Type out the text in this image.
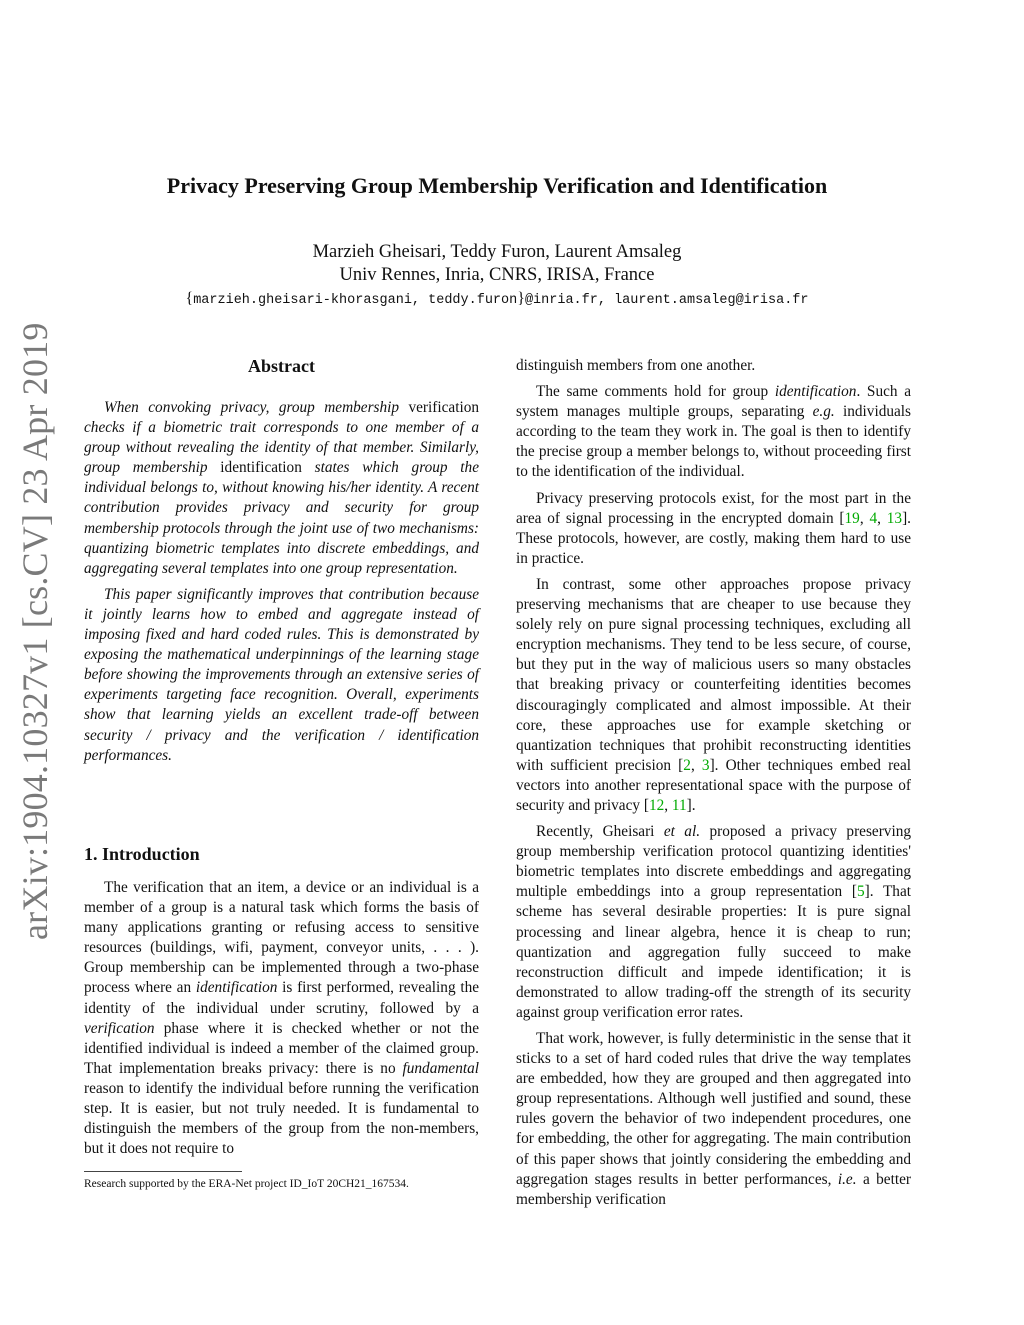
arXiv:1904.10327v1 [cs.CV] 23 Apr 2019
Privacy Preserving Group Membership Verification and Identification
Marzieh Gheisari, Teddy Furon, Laurent Amsaleg
Univ Rennes, Inria, CNRS, IRISA, France
{marzieh.gheisari-khorasgani, teddy.furon}@inria.fr, laurent.amsaleg@irisa.fr
Abstract

When convoking privacy, group membership verification checks if a biometric trait corresponds to one member of a group without revealing the identity of that member. Similarly, group membership identification states which group the individual belongs to, without knowing his/her identity. A recent contribution provides privacy and security for group membership protocols through the joint use of two mechanisms: quantizing biometric templates into discrete embeddings, and aggregating several templates into one group representation.

This paper significantly improves that contribution because it jointly learns how to embed and aggregate instead of imposing fixed and hard coded rules. This is demonstrated by exposing the mathematical underpinnings of the learning stage before showing the improvements through an extensive series of experiments targeting face recognition. Overall, experiments show that learning yields an excellent trade-off between security / privacy and the verification / identification performances.

1. Introduction

The verification that an item, a device or an individual is a member of a group is a natural task which forms the basis of many applications granting or refusing access to sensitive resources (buildings, wifi, payment, conveyor units, . . . ). Group membership can be implemented through a two-phase process where an identification is first performed, revealing the identity of the individual under scrutiny, followed by a verification phase where it is checked whether or not the identified individual is indeed a member of the claimed group. That implementation breaks privacy: there is no fundamental reason to identify the individual before running the verification step. It is easier, but not truly needed. It is fundamental to distinguish the members of the group from the non-members, but it does not require to

Research supported by the ERA-Net project ID_IoT 20CH21_167534.

distinguish members from one another.

The same comments hold for group identification. Such a system manages multiple groups, separating e.g. individuals according to the team they work in. The goal is then to identify the precise group a member belongs to, without proceeding first to the identification of the individual.

Privacy preserving protocols exist, for the most part in the area of signal processing in the encrypted domain [19, 4, 13]. These protocols, however, are costly, making them hard to use in practice.

In contrast, some other approaches propose privacy preserving mechanisms that are cheaper to use because they solely rely on pure signal processing techniques, excluding all encryption mechanisms. They tend to be less secure, of course, but they put in the way of malicious users so many obstacles that breaking privacy or counterfeiting identities becomes discouragingly complicated and almost impossible. At their core, these approaches use for example sketching or quantization techniques that prohibit reconstructing identities with sufficient precision [2, 3]. Other techniques embed real vectors into another representational space with the purpose of security and privacy [12, 11].

Recently, Gheisari et al. proposed a privacy preserving group membership verification protocol quantizing identities' biometric templates into discrete embeddings and aggregating multiple embeddings into a group representation [5]. That scheme has several desirable properties: It is pure signal processing and linear algebra, hence it is cheap to run; quantization and aggregation fully succeed to make reconstruction difficult and impede identification; it is demonstrated to allow trading-off the strength of its security against group verification error rates.

That work, however, is fully deterministic in the sense that it sticks to a set of hard coded rules that drive the way templates are embedded, how they are grouped and then aggregated into group representations. Although well justified and sound, these rules govern the behavior of two independent procedures, one for embedding, the other for aggregating. The main contribution of this paper shows that jointly considering the embedding and aggregation stages results in better performances, i.e. a better membership verification
